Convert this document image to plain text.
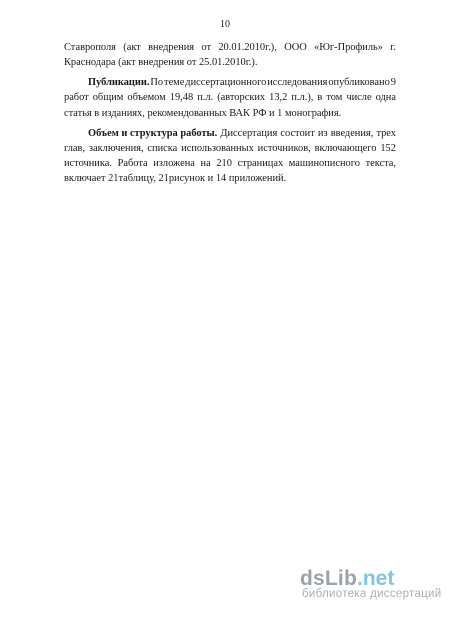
10
Ставрополя (акт внедрения от 20.01.2010г.), ООО «Юг-Профиль» г.
Краснодара (акт внедрения от 25.01.2010г.).
Публикации. По теме диссертационного исследования опубликовано 9
работ общим объемом 19,48 п.л. (авторских 13,2 п.л.), в том числе одна
статья в изданиях, рекомендованных ВАК РФ и 1 монография.
Объем и структура работы. Диссертация состоит из введения, трех
глав, заключения, списка использованных источников, включающего 152
источника. Работа изложена на 210 страницах машинописного текста,
включает 21таблицу, 21рисунок и 14 приложений.
dsLib .net
библиотека диссертаций
